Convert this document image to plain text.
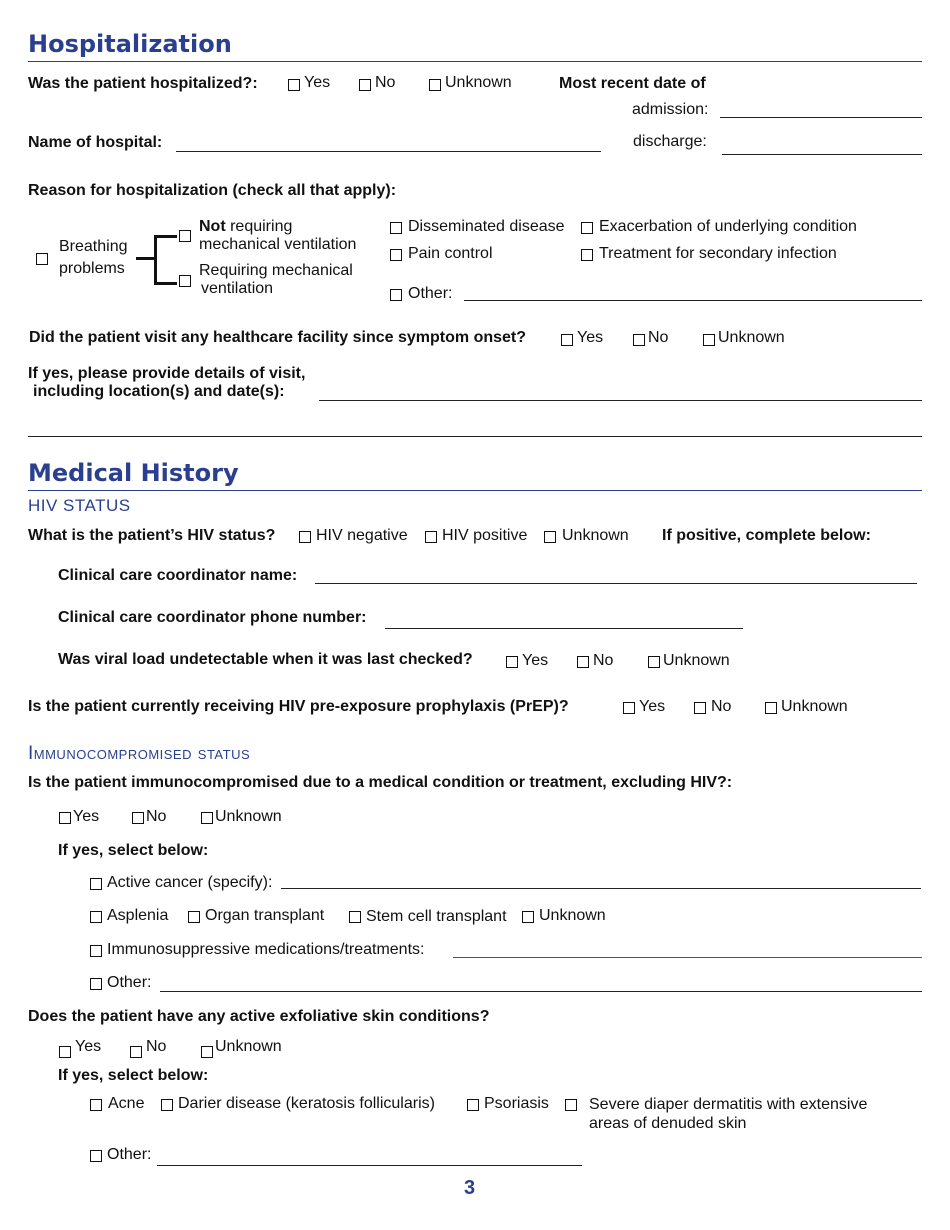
Hospitalization
Was the patient hospitalized?:	Yes	No	Unknown	Most recent date of
admission:
discharge:
Name of hospital:
Reason for hospitalization (check all that apply):
Breathing
problems
Not requiring
mechanical ventilation
Requiring mechanical
ventilation
Disseminated disease Exacerbation of underlying condition
Pain control	Treatment for secondary infection
Other:
Did the patient visit any healthcare facility since symptom onset?	Yes	No	Unknown
If yes, please provide details of visit,
including location(s) and date(s):
Medical History
HIV STATUS
What is the patient’s HIV status?	HIV negative HIV positive Unknown If positive, complete below:
Clinical care coordinator name:
Clinical care coordinator phone number:
Was viral load undetectable when it was last checked?	Yes	No	Unknown
Is the patient currently receiving HIV pre-exposure prophylaxis (PrEP)?	Yes	No	Unknown
Immunocompromised status
Is the patient immunocompromised due to a medical condition or treatment, excluding HIV?:
Yes	No	Unknown
If yes, select below:
Active cancer (specify):
Asplenia Organ transplant	Stem cell transplant Unknown
Immunosuppressive medications/treatments:
Other:
Does the patient have any active exfoliative skin conditions?
Yes	No	Unknown
If yes, select below:
Acne Darier disease (keratosis follicularis)	Psoriasis	Severe diaper dermatitis with extensive
areas of denuded skin
Other:
3
